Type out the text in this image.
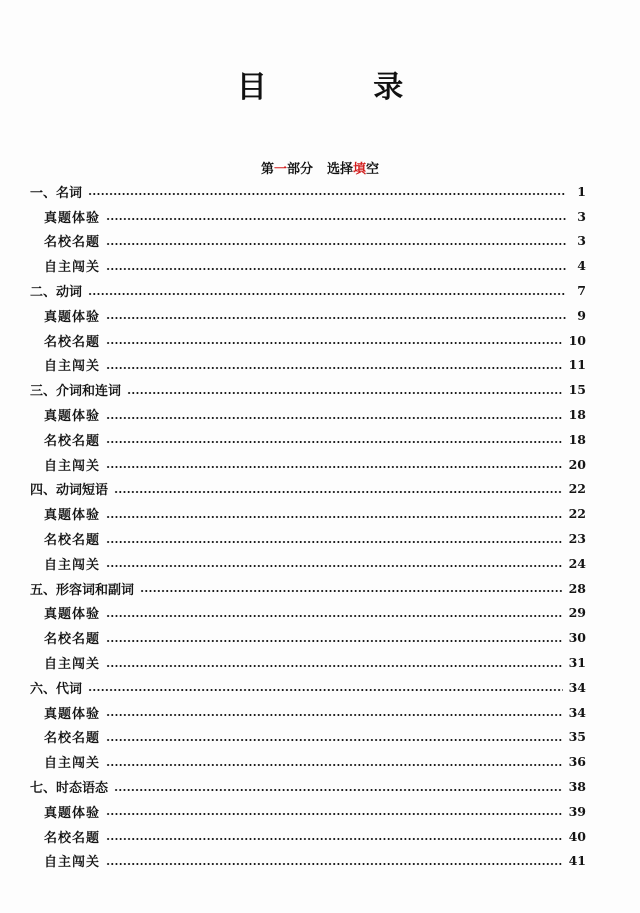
目 录
第一部分 选择填空
一、名词	1
真题体验	3
名校名题	3
自主闯关	4
二、动词	7
真题体验	9
名校名题	10
自主闯关	11
三、介词和连词	15
真题体验	18
名校名题	18
自主闯关	20
四、动词短语	22
真题体验	22
名校名题	23
自主闯关	24
五、形容词和副词	28
真题体验	29
名校名题	30
自主闯关	31
六、代词	34
真题体验	34
名校名题	35
自主闯关	36
七、时态语态	38
真题体验	39
名校名题	40
自主闯关	41
